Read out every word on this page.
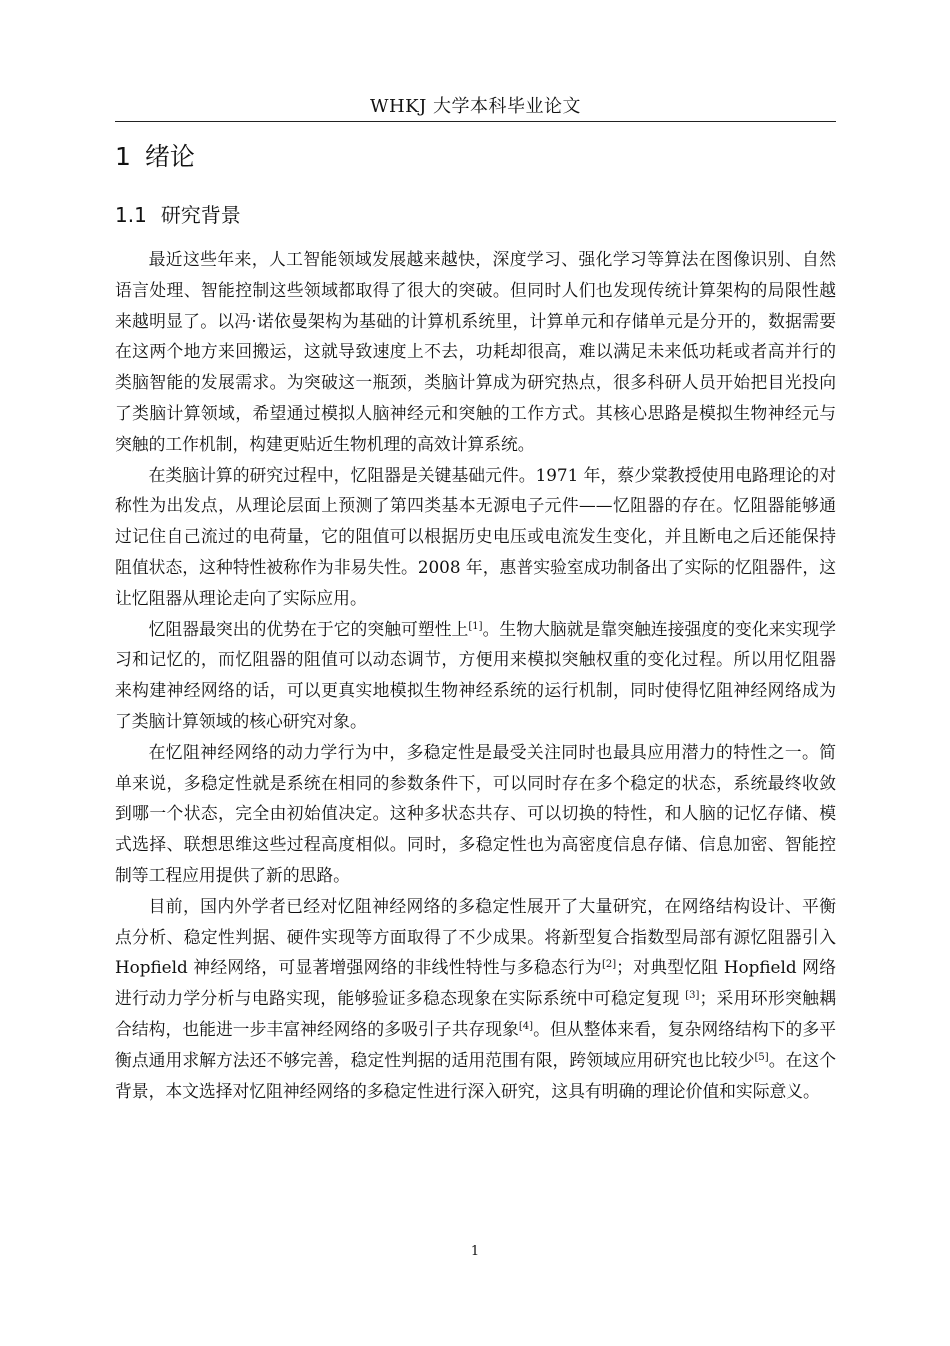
WHKJ 大学本科毕业论文
1 绪论
1.1 研究背景

最近这些年来，人工智能领域发展越来越快，深度学习、强化学习等算法在图像识别、自然语言处理、智能控制这些领域都取得了很大的突破。但同时人们也发现传统计算架构的局限性越来越明显了。以冯·诺依曼架构为基础的计算机系统里，计算单元和存储单元是分开的，数据需要在这两个地方来回搬运，这就导致速度上不去，功耗却很高，难以满足未来低功耗或者高并行的类脑智能的发展需求。为突破这一瓶颈，类脑计算成为研究热点，很多科研人员开始把目光投向了类脑计算领域，希望通过模拟人脑神经元和突触的工作方式。其核心思路是模拟生物神经元与突触的工作机制，构建更贴近生物机理的高效计算系统。

在类脑计算的研究过程中，忆阻器是关键基础元件。1971 年，蔡少棠教授使用电路理论的对称性为出发点，从理论层面上预测了第四类基本无源电子元件——忆阻器的存在。忆阻器能够通过记住自己流过的电荷量，它的阻值可以根据历史电压或电流发生变化，并且断电之后还能保持阻值状态，这种特性被称作为非易失性。2008 年，惠普实验室成功制备出了实际的忆阻器件，这让忆阻器从理论走向了实际应用。

忆阻器最突出的优势在于它的突触可塑性上[1]。生物大脑就是靠突触连接强度的变化来实现学习和记忆的，而忆阻器的阻值可以动态调节，方便用来模拟突触权重的变化过程。所以用忆阻器来构建神经网络的话，可以更真实地模拟生物神经系统的运行机制，同时使得忆阻神经网络成为了类脑计算领域的核心研究对象。

在忆阻神经网络的动力学行为中，多稳定性是最受关注同时也最具应用潜力的特性之一。简单来说，多稳定性就是系统在相同的参数条件下，可以同时存在多个稳定的状态，系统最终收敛到哪一个状态，完全由初始值决定。这种多状态共存、可以切换的特性，和人脑的记忆存储、模式选择、联想思维这些过程高度相似。同时，多稳定性也为高密度信息存储、信息加密、智能控制等工程应用提供了新的思路。

目前，国内外学者已经对忆阻神经网络的多稳定性展开了大量研究，在网络结构设计、平衡点分析、稳定性判据、硬件实现等方面取得了不少成果。将新型复合指数型局部有源忆阻器引入 Hopfield 神经网络，可显著增强网络的非线性特性与多稳态行为[2]；对典型忆阻 Hopfield 网络进行动力学分析与电路实现，能够验证多稳态现象在实际系统中可稳定复现 [3]；采用环形突触耦合结构，也能进一步丰富神经网络的多吸引子共存现象[4]。但从整体来看，复杂网络结构下的多平衡点通用求解方法还不够完善，稳定性判据的适用范围有限，跨领域应用研究也比较少[5]。在这个背景，本文选择对忆阻神经网络的多稳定性进行深入研究，这具有明确的理论价值和实际意义。

1
